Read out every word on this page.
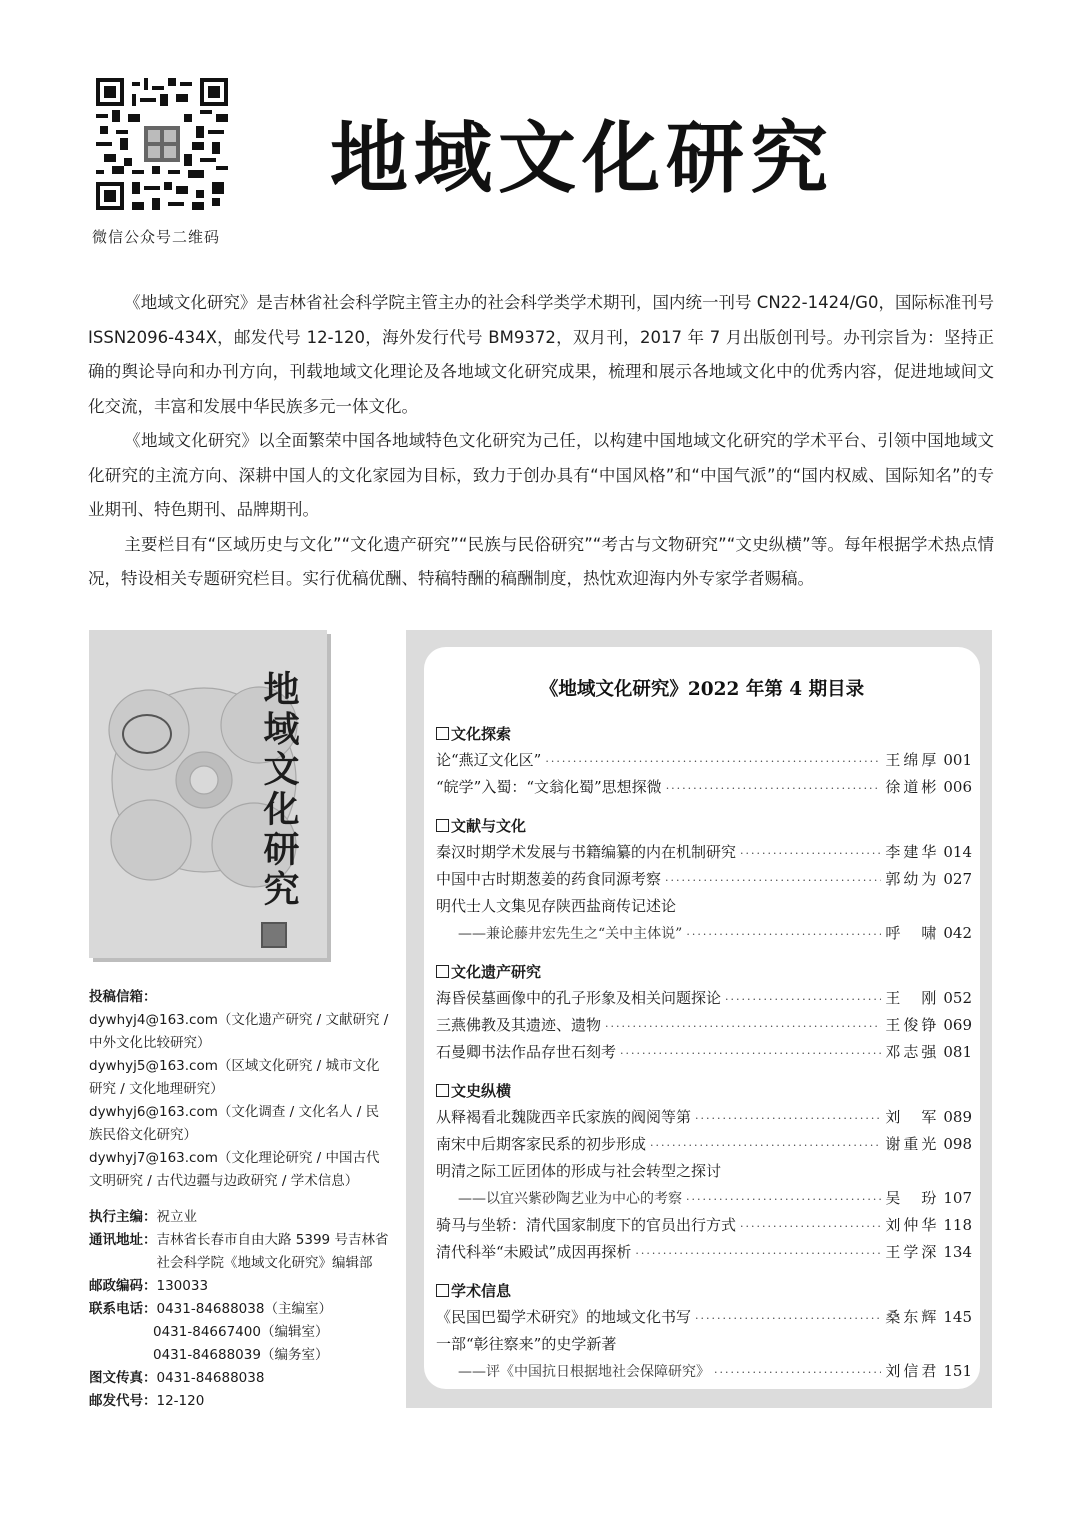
微信公众号二维码
地域文化研究

《地域文化研究》是吉林省社会科学院主管主办的社会科学类学术期刊，国内统一刊号 CN22-1424/G0，国际标准刊号 ISSN2096-434X，邮发代号 12-120，海外发行代号 BM9372，双月刊，2017 年 7 月出版创刊号。办刊宗旨为：坚持正确的舆论导向和办刊方向，刊载地域文化理论及各地域文化研究成果，梳理和展示各地域文化中的优秀内容，促进地域间文化交流，丰富和发展中华民族多元一体文化。

《地域文化研究》以全面繁荣中国各地域特色文化研究为己任，以构建中国地域文化研究的学术平台、引领中国地域文化研究的主流方向、深耕中国人的文化家园为目标，致力于创办具有“中国风格”和“中国气派”的“国内权威、国际知名”的专业期刊、特色期刊、品牌期刊。

主要栏目有“区域历史与文化”“文化遗产研究”“民族与民俗研究”“考古与文物研究”“文史纵横”等。每年根据学术热点情况，特设相关专题研究栏目。实行优稿优酬、特稿特酬的稿酬制度，热忱欢迎海内外专家学者赐稿。

地域文化研究
投稿信箱：
dywhyj4@163.com（文化遗产研究 / 文献研究 / 中外文化比较研究）
dywhyj5@163.com（区域文化研究 / 城市文化研究 / 文化地理研究）
dywhyj6@163.com（文化调查 / 文化名人 / 民族民俗文化研究）
dywhyj7@163.com（文化理论研究 / 中国古代文明研究 / 古代边疆与边政研究 / 学术信息）
执行主编： 祝立业
通讯地址： 吉林省长春市自由大路 5399 号吉林省社会科学院《地域文化研究》编辑部
邮政编码： 130033
联系电话： 0431-84688038（主编室）
0431-84667400（编辑室）
0431-84688039（编务室）
图文传真： 0431-84688038
邮发代号： 12-120
《地域文化研究》2022 年第 4 期目录
文化探索
论“燕辽文化区” ·····	王绵厚 001
“皖学”入蜀：“文翁化蜀”思想探微 ·····	徐道彬 006
文献与文化
秦汉时期学术发展与书籍编纂的内在机制研究 ·····	李建华 014
中国中古时期葱姜的药食同源考察 ·····	郭幼为 027
明代士人文集见存陕西盐商传记述论
——兼论藤井宏先生之“关中主体说” ·····	呼　啸 042
文化遗产研究
海昏侯墓画像中的孔子形象及相关问题探论 ·····	王　刚 052
三燕佛教及其遗迹、遗物 ·····	王俊铮 069
石曼卿书法作品存世石刻考 ·····	邓志强 081
文史纵横
从释褐看北魏陇西辛氏家族的阀阅等第 ·····	刘　军 089
南宋中后期客家民系的初步形成 ·····	谢重光 098
明清之际工匠团体的形成与社会转型之探讨
——以宜兴紫砂陶艺业为中心的考察 ·····	吴　玢 107
骑马与坐轿：清代国家制度下的官员出行方式 ·····	刘仲华 118
清代科举“未殿试”成因再探析 ·····	王学深 134
学术信息
《民国巴蜀学术研究》的地域文化书写 ·····	桑东辉 145
一部“彰往察来”的史学新著
——评《中国抗日根据地社会保障研究》 ·····	刘信君 151
